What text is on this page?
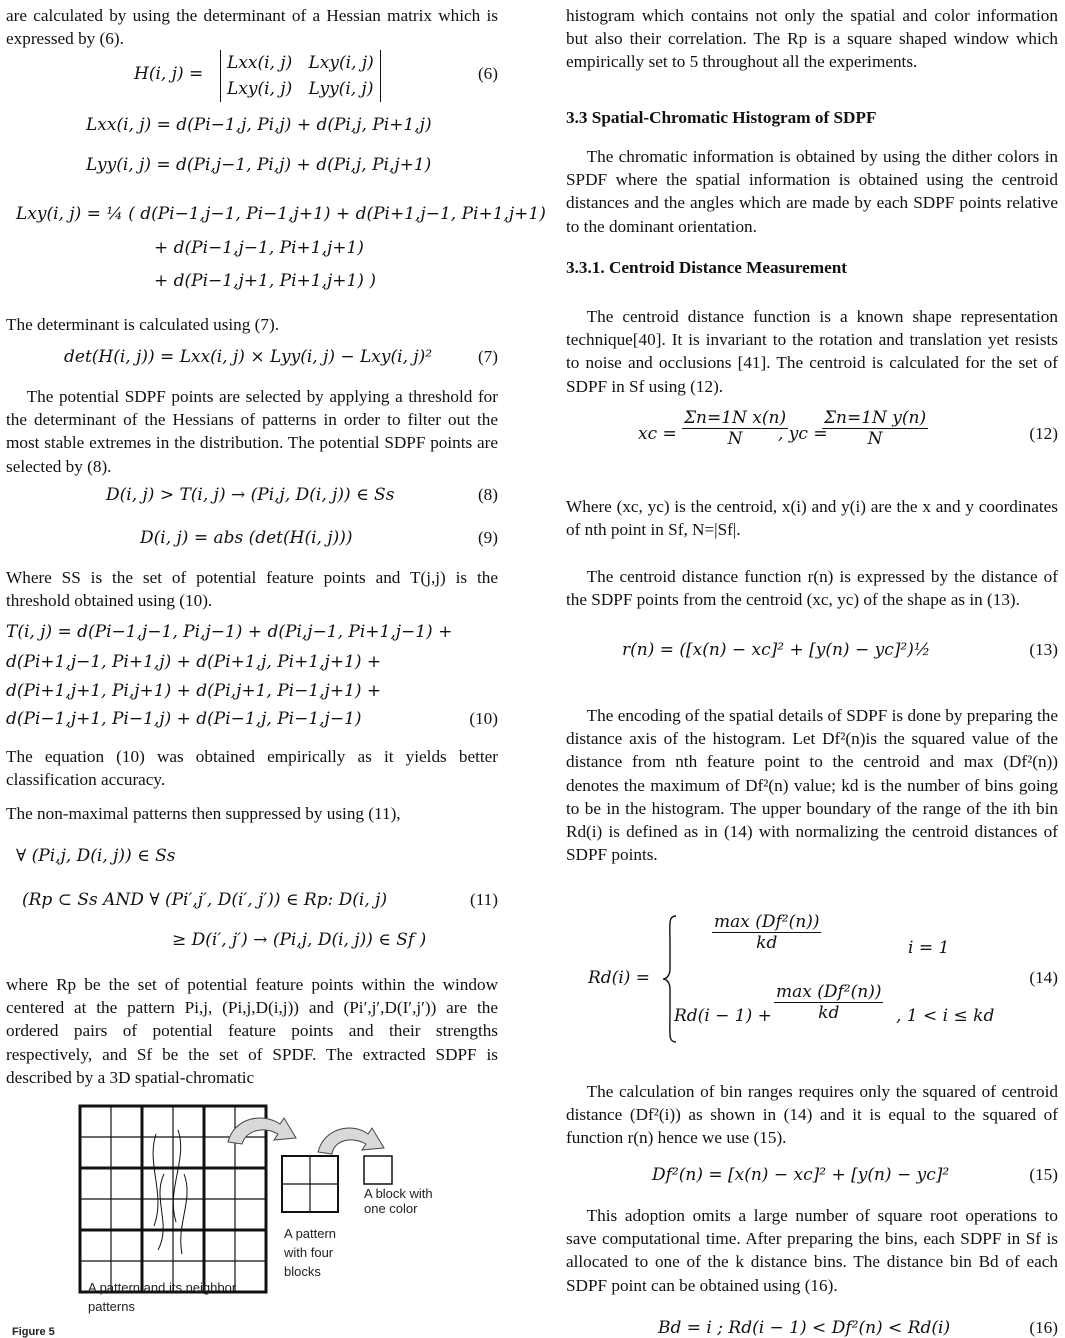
are calculated by using the determinant of a Hessian matrix which is expressed by (6).

H(i, j) =
Lxx(i, j) Lxy(i, j)
Lxy(i, j) Lyy(i, j)
(6)
Lxx(i, j) = d(Pi−1,j, Pi,j) + d(Pi,j, Pi+1,j)
Lyy(i, j) = d(Pi,j−1, Pi,j) + d(Pi,j, Pi,j+1)
Lxy(i, j) = ¼ ( d(Pi−1,j−1, Pi−1,j+1) + d(Pi+1,j−1, Pi+1,j+1)
+ d(Pi−1,j−1, Pi+1,j+1)
+ d(Pi−1,j+1, Pi+1,j+1) )

The determinant is calculated using (7).

det(H(i, j)) = Lxx(i, j) × Lyy(i, j) − Lxy(i, j)²	(7)

The potential SDPF points are selected by applying a threshold for the determinant of the Hessians of patterns in order to filter out the most stable extremes in the distribution. The potential SDPF points are selected by (8).

D(i, j) > T(i, j) → (Pi,j, D(i, j)) ∈ Ss	(8)
D(i, j) = abs (det(H(i, j)))	(9)

Where SS is the set of potential feature points and T(j,j) is the threshold obtained using (10).

T(i, j) = d(Pi−1,j−1, Pi,j−1) + d(Pi,j−1, Pi+1,j−1) +
d(Pi+1,j−1, Pi+1,j) + d(Pi+1,j, Pi+1,j+1) +
d(Pi+1,j+1, Pi,j+1) + d(Pi,j+1, Pi−1,j+1) +
d(Pi−1,j+1, Pi−1,j) + d(Pi−1,j, Pi−1,j−1)	(10)

The equation (10) was obtained empirically as it yields better classification accuracy.

The non-maximal patterns then suppressed by using (11),

∀ (Pi,j, D(i, j)) ∈ Ss
(Rp ⊂ Ss AND ∀ (Pi′,j′, D(i′, j′)) ∈ Rp: D(i, j)	(11)
≥ D(i′, j′) → (Pi,j, D(i, j)) ∈ Sf )

where Rp be the set of potential feature points within the window centered at the pattern Pi,j, (Pi,j,D(i,j)) and (Pi′,j′,D(I′,j′)) are the ordered pairs of potential feature points and their strengths respectively, and Sf be the set of SPDF. The extracted SDPF is described by a 3D spatial-chromatic

A block with one color
A pattern with four blocks
A pattern and its neighbor patterns
Figure 5

histogram which contains not only the spatial and color information but also their correlation. The Rp is a square shaped window which empirically set to 5 throughout all the experiments.

3.3 Spatial-Chromatic Histogram of SDPF

The chromatic information is obtained by using the dither colors in SPDF where the spatial information is obtained using the centroid distances and the angles which are made by each SDPF points relative to the dominant orientation.

3.3.1. Centroid Distance Measurement

The centroid distance function is a known shape representation technique[40]. It is invariant to the rotation and translation yet resists to noise and occlusions [41]. The centroid is calculated for the set of SDPF in Sf using (12).

xc = $\frac{\text{Σn=1N x(n)}}{N}$
, yc =
$\frac{\text{Σn=1N y(n)}}{N}$	(12)

Where (xc, yc) is the centroid, x(i) and y(i) are the x and y coordinates of nth point in Sf, N=|Sf|.

The centroid distance function r(n) is expressed by the distance of the SDPF points from the centroid (xc, yc) of the shape as in (13).

r(n) = ([x(n) − xc]² + [y(n) − yc]²)½	(13)

The encoding of the spatial details of SDPF is done by preparing the distance axis of the histogram. Let Df²(n)is the squared value of the distance from nth feature point to the centroid and max (Df²(n)) denotes the maximum of Df²(n) value; kd is the number of bins going to be in the histogram. The upper boundary of the range of the ith bin Rd(i) is defined as in (14) with normalizing the centroid distances of SDPF points.

Rd(i) =
max (Df²(n))
kd	i = 1
Rd(i − 1) +
max (Df²(n))
kd	, 1 < i ≤ kd
(14)

The calculation of bin ranges requires only the squared of centroid distance (Df²(i)) as shown in (14) and it is equal to the squared of function r(n) hence we use (15).

Df²(n) = [x(n) − xc]² + [y(n) − yc]²	(15)

This adoption omits a large number of square root operations to save computational time. After preparing the bins, each SDPF in Sf is allocated to one of the k distance bins. The distance bin Bd of each SDPF point can be obtained using (16).

Bd = i ; Rd(i − 1) < Df²(n) < Rd(i)	(16)
